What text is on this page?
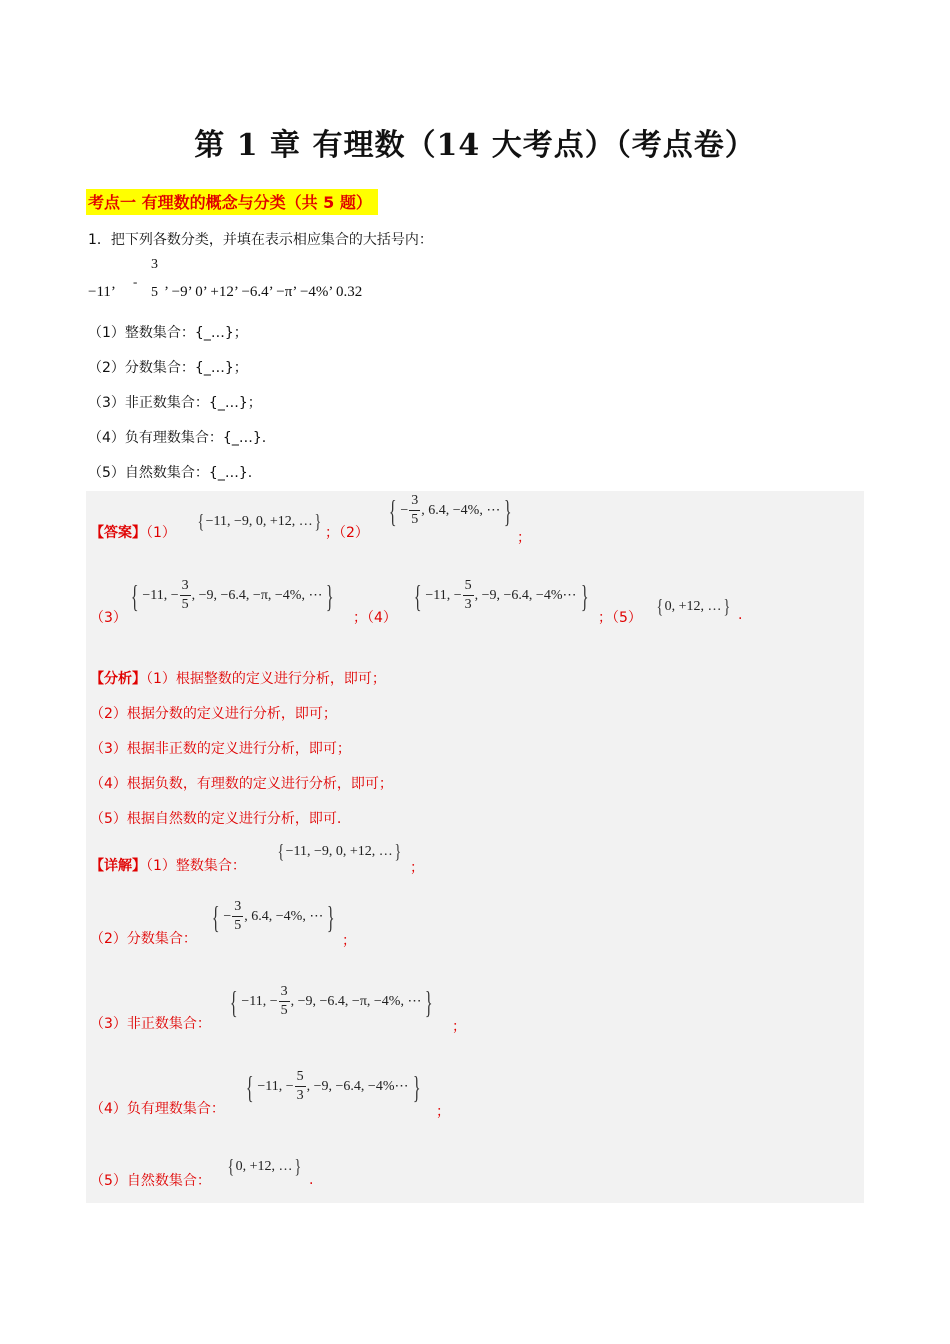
第 1 章 有理数（14 大考点）（考点卷）
考点一 有理数的概念与分类（共 5 题）
1．把下列各数分类，并填在表示相应集合的大括号内：
−11’
-
3
5 ’ −9’ 0’ +12’ −6.4’ −π’ −4%’ 0.32
（1）整数集合：{_…}；
（2）分数集合：{_…}；
（3）非正数集合：{_…}；
（4）负有理数集合：{_…}.
（5）自然数集合：{_…}.
【答案】（1） { −11, −9, 0, +12, … } ；（2）
{ − $\frac{3}{5}$ , 6.4, −4%, ⋯ }
；
（3）
{ −11, − $\frac{3}{5}$ , −9, −6.4, −π, −4%, ⋯ }
；（4）
{ −11, − $\frac{5}{3}$ , −9, −6.4, −4%⋯ }
；（5） { 0, +12, … } .
【分析】（1）根据整数的定义进行分析，即可；
（2）根据分数的定义进行分析，即可；
（3）根据非正数的定义进行分析，即可；
（4）根据负数，有理数的定义进行分析，即可；
（5）根据自然数的定义进行分析，即可.
【详解】（1）整数集合：
{ −11, −9, 0, +12, … }
；
（2）分数集合：
{ − $\frac{3}{5}$ , 6.4, −4%, ⋯ }
；
（3）非正数集合：
{ −11, − $\frac{3}{5}$ , −9, −6.4, −π, −4%, ⋯ }
；
（4）负有理数集合：
{ −11, − $\frac{5}{3}$ , −9, −6.4, −4%⋯ }
；
（5）自然数集合：
{ 0, +12, … }
.
